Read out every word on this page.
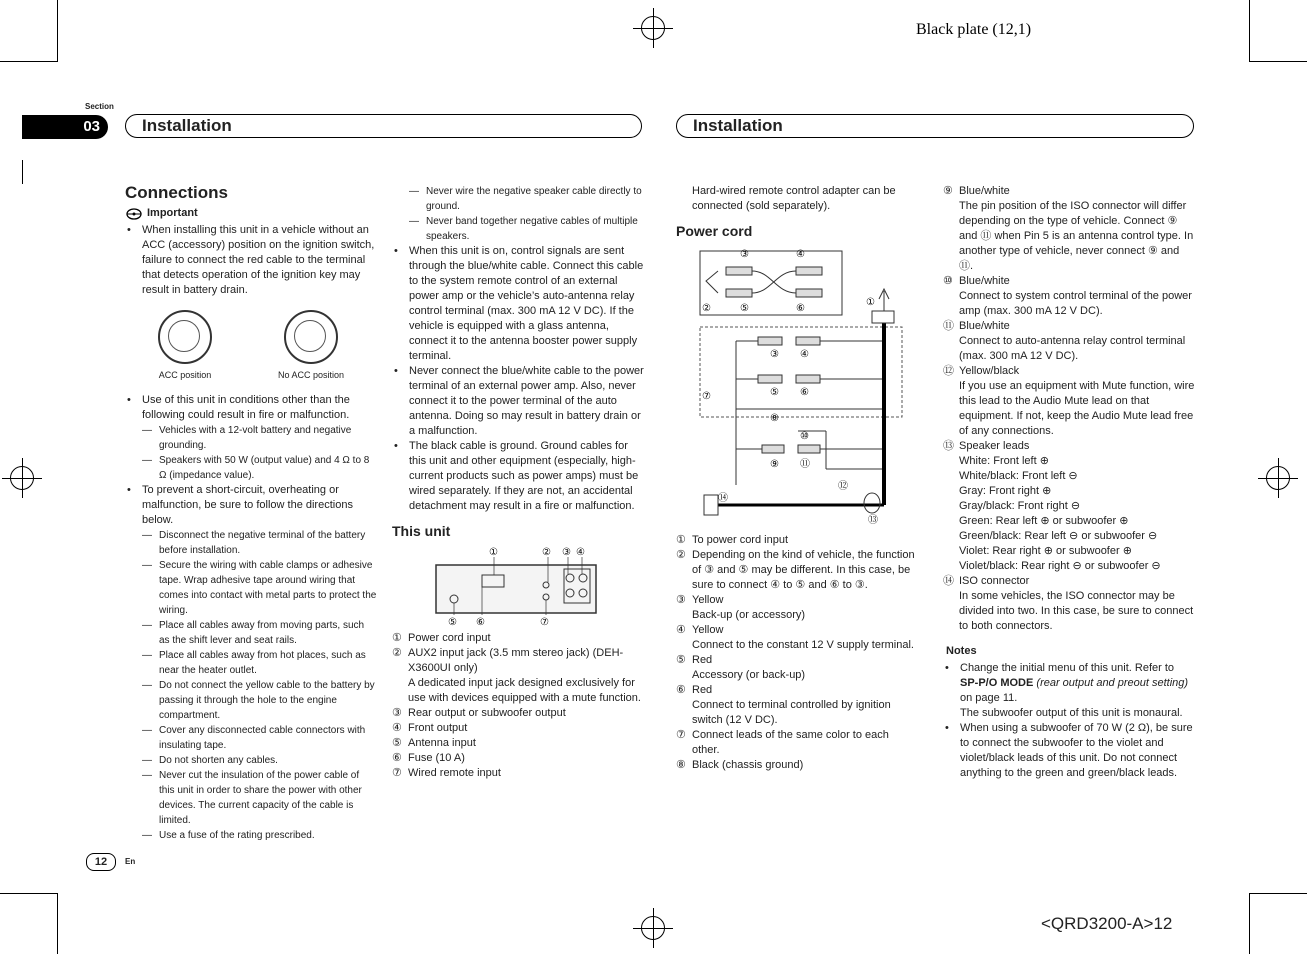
Black plate (12,1)
Section
03	Installation	Installation
Connections
Important
• When installing this unit in a vehicle without an ACC (accessory) position on the ignition switch, failure to connect the red cable to the terminal that detects operation of the ignition key may result in battery drain.
ACC position	No ACC position
• Use of this unit in conditions other than the following could result in fire or malfunction.
— Vehicles with a 12-volt battery and negative grounding.
— Speakers with 50 W (output value) and 4 Ω to 8 Ω (impedance value).
• To prevent a short-circuit, overheating or malfunction, be sure to follow the directions below.
— Disconnect the negative terminal of the battery before installation.
— Secure the wiring with cable clamps or adhesive tape. Wrap adhesive tape around wiring that comes into contact with metal parts to protect the wiring.
— Place all cables away from moving parts, such as the shift lever and seat rails.
— Place all cables away from hot places, such as near the heater outlet.
— Do not connect the yellow cable to the battery by passing it through the hole to the engine compartment.
— Cover any disconnected cable connectors with insulating tape.
— Do not shorten any cables.
— Never cut the insulation of the power cable of this unit in order to share the power with other devices. The current capacity of the cable is limited.
— Use a fuse of the rating prescribed.
— Never wire the negative speaker cable directly to ground.
— Never band together negative cables of multiple speakers.
• When this unit is on, control signals are sent through the blue/white cable. Connect this cable to the system remote control of an external power amp or the vehicle’s auto-antenna relay control terminal (max. 300 mA 12 V DC). If the vehicle is equipped with a glass antenna, connect it to the antenna booster power supply terminal.
• Never connect the blue/white cable to the power terminal of an external power amp. Also, never connect it to the power terminal of the auto antenna. Doing so may result in battery drain or a malfunction.
• The black cable is ground. Ground cables for this unit and other equipment (especially, high-current products such as power amps) must be wired separately. If they are not, an accidental detachment may result in a fire or malfunction.
This unit
①	② ③ ④
⑤ ⑥	⑦
① Power cord input
② AUX2 input jack (3.5 mm stereo jack) (DEH-X3600UI only)
A dedicated input jack designed exclusively for use with devices equipped with a mute function.
③ Rear output or subwoofer output
④ Front output
⑤ Antenna input
⑥ Fuse (10 A)
⑦ Wired remote input
Hard-wired remote control adapter can be connected (sold separately).
Power cord
③	④
②	⑤	⑥
①
③ ④
⑦	⑤ ⑥
⑧
⑩
⑨ ⑪
⑫
⑭
⑬
① To power cord input
② Depending on the kind of vehicle, the function of ③ and ⑤ may be different. In this case, be sure to connect ④ to ⑤ and ⑥ to ③.
③ Yellow
Back-up (or accessory)
④ Yellow
Connect to the constant 12 V supply terminal.
⑤ Red
Accessory (or back-up)
⑥ Red
Connect to terminal controlled by ignition switch (12 V DC).
⑦ Connect leads of the same color to each other.
⑧ Black (chassis ground)
⑨ Blue/white
The pin position of the ISO connector will differ depending on the type of vehicle. Connect ⑨ and ⑪ when Pin 5 is an antenna control type. In another type of vehicle, never connect ⑨ and ⑪.
⑩ Blue/white
Connect to system control terminal of the power amp (max. 300 mA 12 V DC).
⑪ Blue/white
Connect to auto-antenna relay control terminal (max. 300 mA 12 V DC).
⑫ Yellow/black
If you use an equipment with Mute function, wire this lead to the Audio Mute lead on that equipment. If not, keep the Audio Mute lead free of any connections.
⑬ Speaker leads
White: Front left ⊕
White/black: Front left ⊖
Gray: Front right ⊕
Gray/black: Front right ⊖
Green: Rear left ⊕ or subwoofer ⊕
Green/black: Rear left ⊖ or subwoofer ⊖
Violet: Rear right ⊕ or subwoofer ⊕
Violet/black: Rear right ⊖ or subwoofer ⊖
⑭ ISO connector
In some vehicles, the ISO connector may be divided into two. In this case, be sure to connect to both connectors.
Notes
• Change the initial menu of this unit. Refer to SP-P/O MODE (rear output and preout setting) on page 11.
The subwoofer output of this unit is monaural.
• When using a subwoofer of 70 W (2 Ω), be sure to connect the subwoofer to the violet and violet/black leads of this unit. Do not connect anything to the green and green/black leads.
12	En
<QRD3200-A>12
